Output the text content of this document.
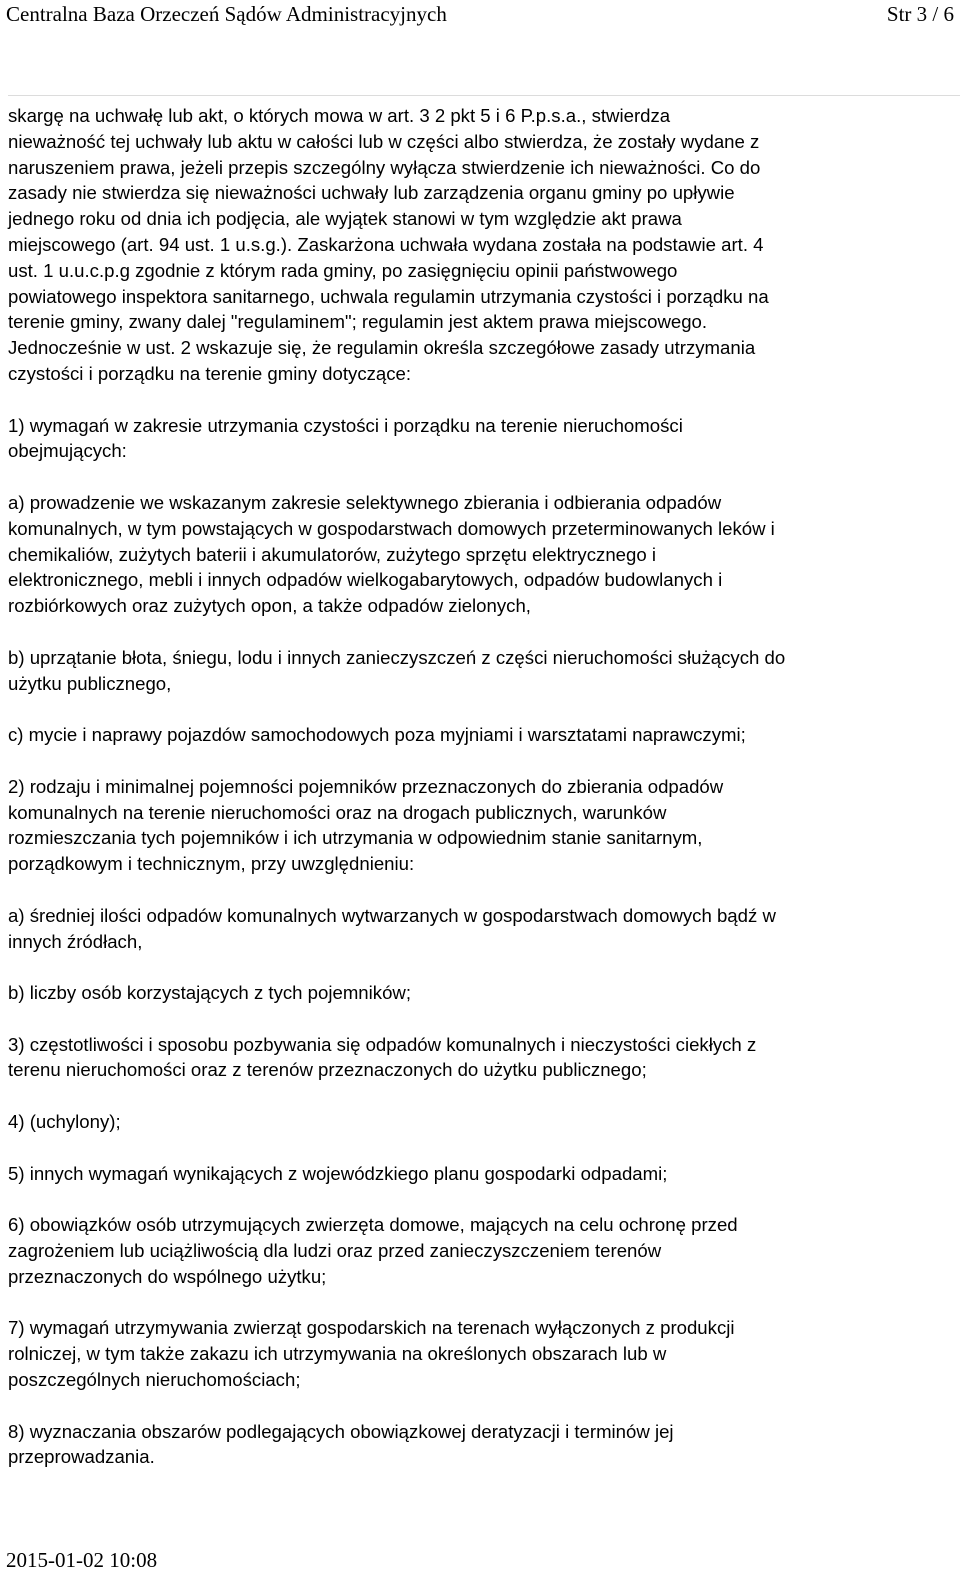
Centralna Baza Orzeczeń Sądów Administracyjnych	Str 3 / 6

skargę na uchwałę lub akt, o których mowa w art. 3 2 pkt 5 i 6 P.p.s.a., stwierdza
nieważność tej uchwały lub aktu w całości lub w części albo stwierdza, że zostały wydane z
naruszeniem prawa, jeżeli przepis szczególny wyłącza stwierdzenie ich nieważności. Co do
zasady nie stwierdza się nieważności uchwały lub zarządzenia organu gminy po upływie
jednego roku od dnia ich podjęcia, ale wyjątek stanowi w tym względzie akt prawa
miejscowego (art. 94 ust. 1 u.s.g.). Zaskarżona uchwała wydana została na podstawie art. 4
ust. 1 u.u.c.p.g zgodnie z którym rada gminy, po zasięgnięciu opinii państwowego
powiatowego inspektora sanitarnego, uchwala regulamin utrzymania czystości i porządku na
terenie gminy, zwany dalej "regulaminem"; regulamin jest aktem prawa miejscowego.
Jednocześnie w ust. 2 wskazuje się, że regulamin określa szczegółowe zasady utrzymania
czystości i porządku na terenie gminy dotyczące:

1) wymagań w zakresie utrzymania czystości i porządku na terenie nieruchomości
obejmujących:

a) prowadzenie we wskazanym zakresie selektywnego zbierania i odbierania odpadów
komunalnych, w tym powstających w gospodarstwach domowych przeterminowanych leków i
chemikaliów, zużytych baterii i akumulatorów, zużytego sprzętu elektrycznego i
elektronicznego, mebli i innych odpadów wielkogabarytowych, odpadów budowlanych i
rozbiórkowych oraz zużytych opon, a także odpadów zielonych,

b) uprzątanie błota, śniegu, lodu i innych zanieczyszczeń z części nieruchomości służących do
użytku publicznego,

c) mycie i naprawy pojazdów samochodowych poza myjniami i warsztatami naprawczymi;

2) rodzaju i minimalnej pojemności pojemników przeznaczonych do zbierania odpadów
komunalnych na terenie nieruchomości oraz na drogach publicznych, warunków
rozmieszczania tych pojemników i ich utrzymania w odpowiednim stanie sanitarnym,
porządkowym i technicznym, przy uwzględnieniu:

a) średniej ilości odpadów komunalnych wytwarzanych w gospodarstwach domowych bądź w
innych źródłach,

b) liczby osób korzystających z tych pojemników;

3) częstotliwości i sposobu pozbywania się odpadów komunalnych i nieczystości ciekłych z
terenu nieruchomości oraz z terenów przeznaczonych do użytku publicznego;

4) (uchylony);

5) innych wymagań wynikających z wojewódzkiego planu gospodarki odpadami;

6) obowiązków osób utrzymujących zwierzęta domowe, mających na celu ochronę przed
zagrożeniem lub uciążliwością dla ludzi oraz przed zanieczyszczeniem terenów
przeznaczonych do wspólnego użytku;

7) wymagań utrzymywania zwierząt gospodarskich na terenach wyłączonych z produkcji
rolniczej, w tym także zakazu ich utrzymywania na określonych obszarach lub w
poszczególnych nieruchomościach;

8) wyznaczania obszarów podlegających obowiązkowej deratyzacji i terminów jej
przeprowadzania.

2015-01-02 10:08
